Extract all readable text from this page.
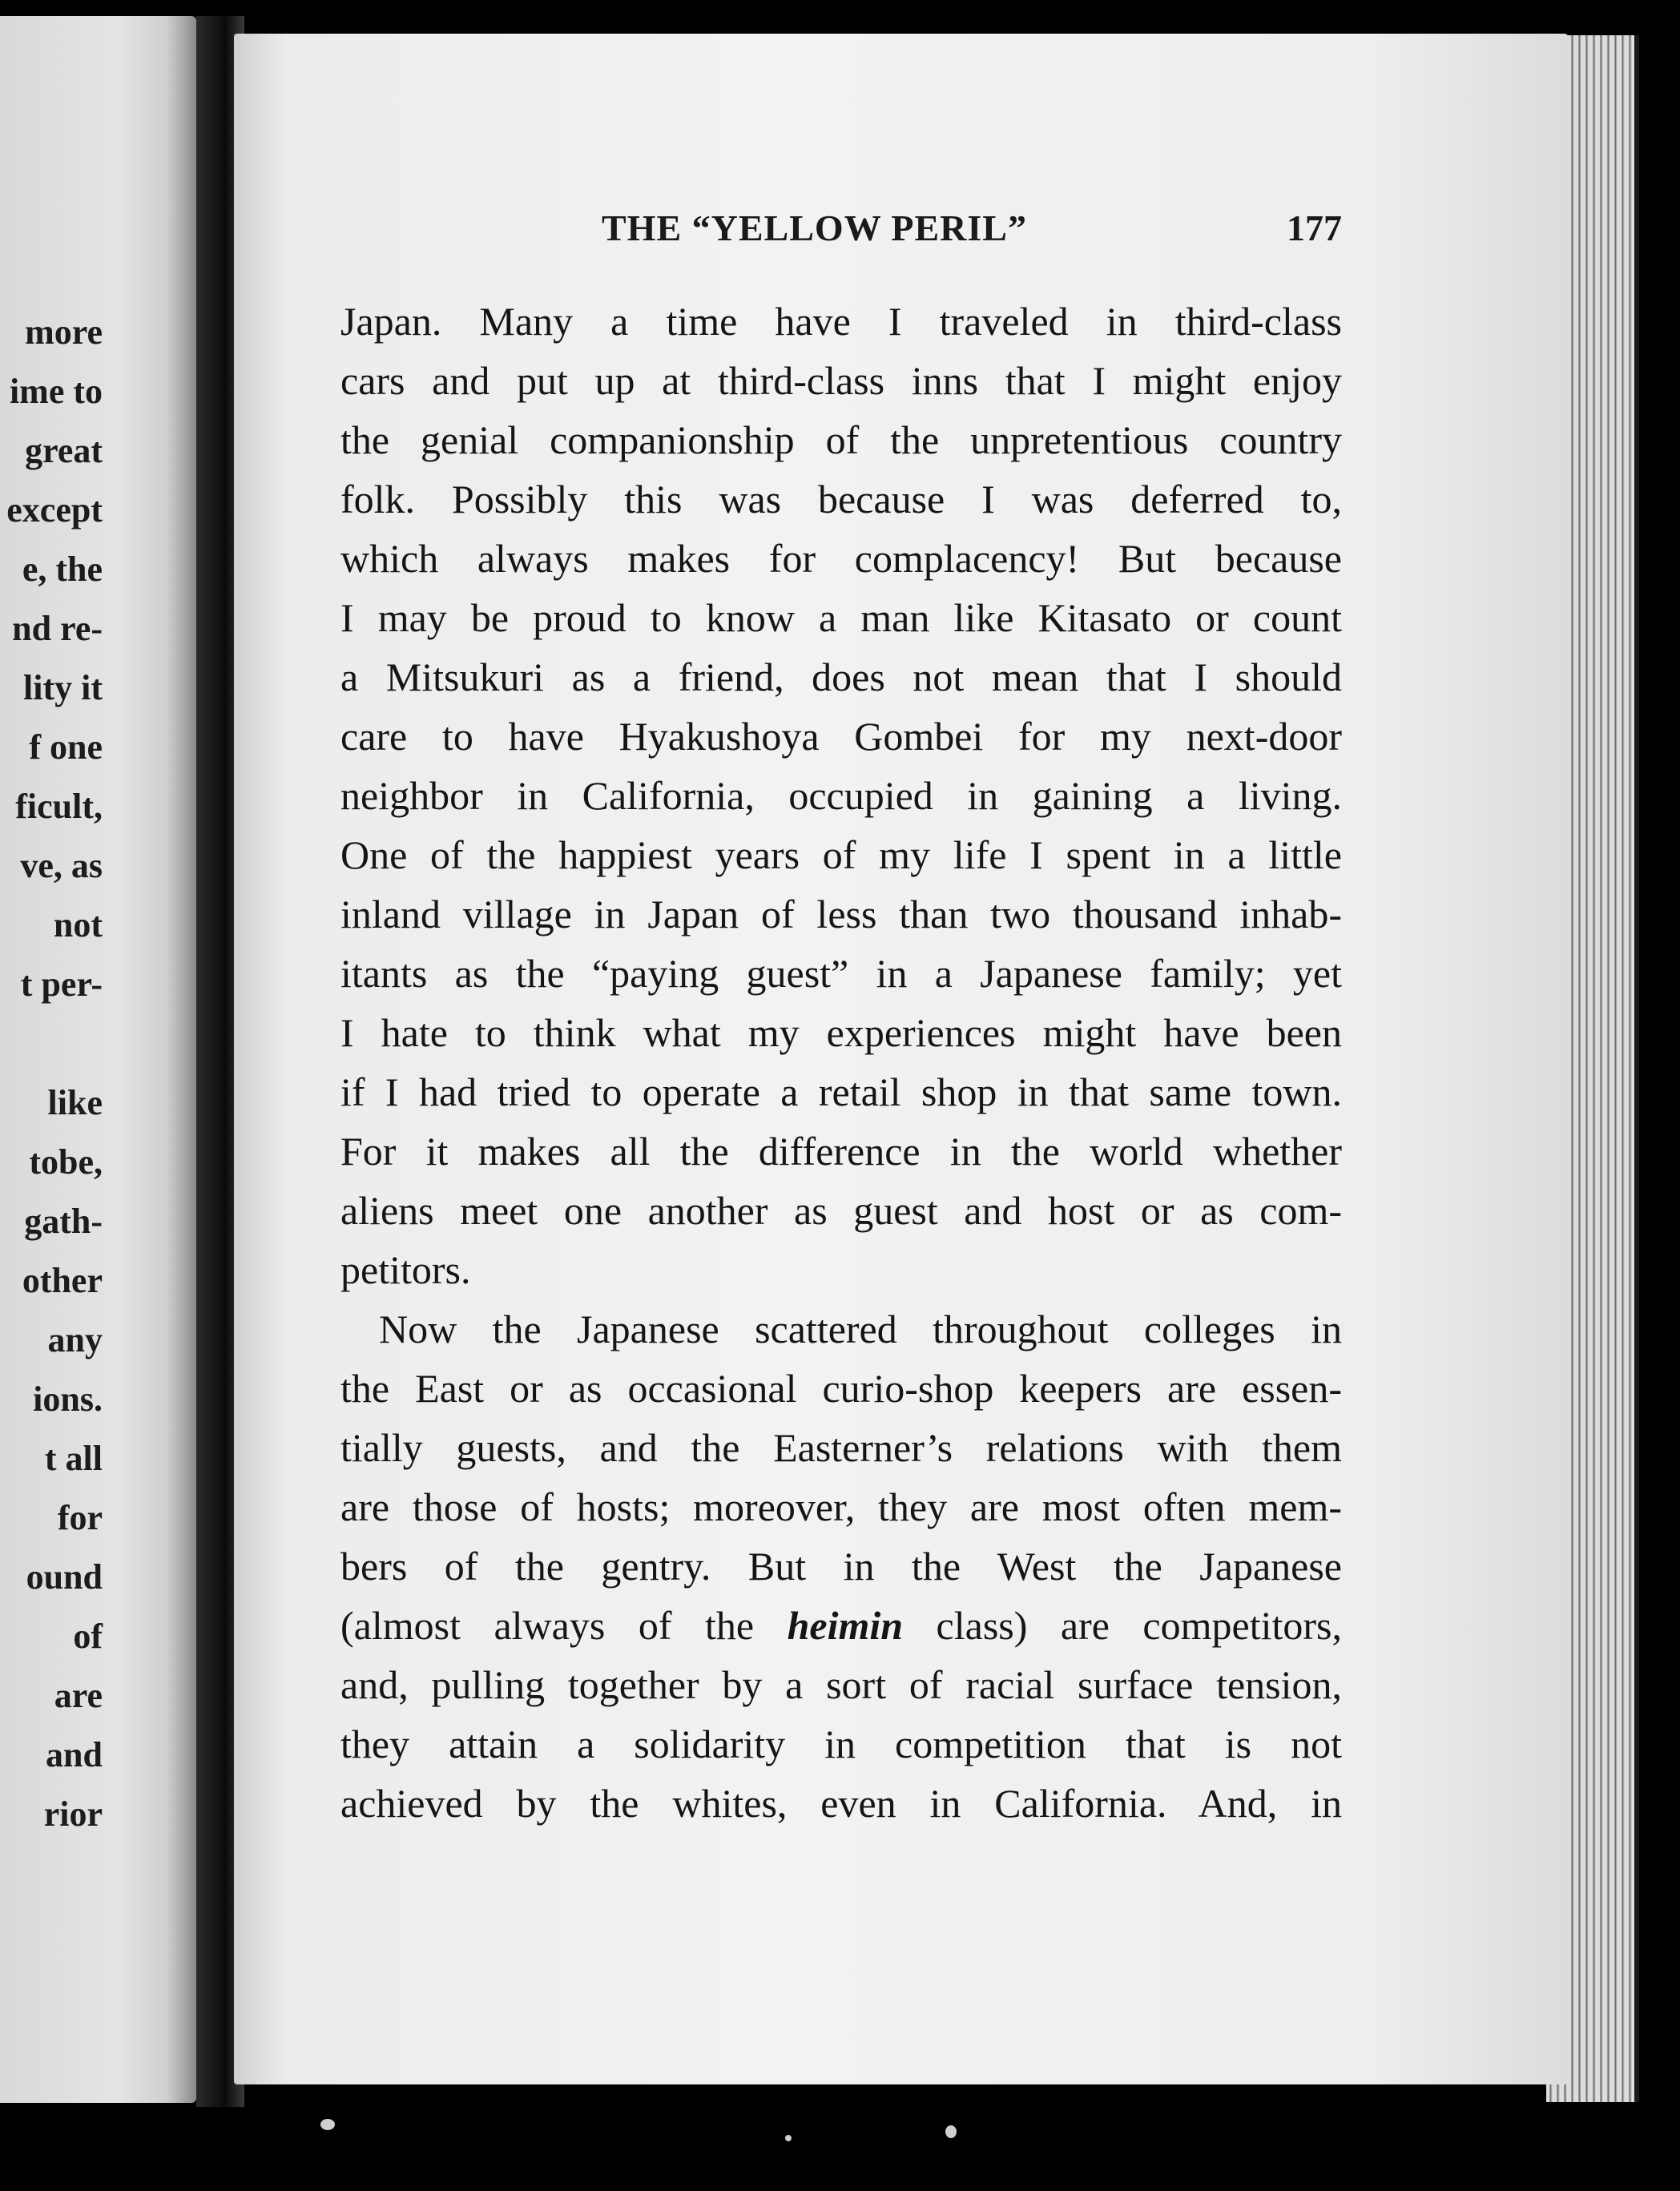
more
ime to
great
except
e, the
nd re-
lity it
f one
ficult,
ve, as
not
t per-
like
tobe,
gath-
other
any
ions.
t all
for
ound
of
are
and
rior
THE “YELLOW PERIL”	177
Japan. Many a time have I traveled in third-class
cars and put up at third-class inns that I might enjoy
the genial companionship of the unpretentious country
folk. Possibly this was because I was deferred to,
which always makes for complacency! But because
I may be proud to know a man like Kitasato or count
a Mitsukuri as a friend, does not mean that I should
care to have Hyakushoya Gombei for my next-door
neighbor in California, occupied in gaining a living.
One of the happiest years of my life I spent in a little
inland village in Japan of less than two thousand inhab-
itants as the “paying guest” in a Japanese family; yet
I hate to think what my experiences might have been
if I had tried to operate a retail shop in that same town.
For it makes all the difference in the world whether
aliens meet one another as guest and host or as com-
petitors.
Now the Japanese scattered throughout colleges in
the East or as occasional curio-shop keepers are essen-
tially guests, and the Easterner’s relations with them
are those of hosts; moreover, they are most often mem-
bers of the gentry. But in the West the Japanese
(almost always of the heimin class) are competitors,
and, pulling together by a sort of racial surface tension,
they attain a solidarity in competition that is not
achieved by the whites, even in California. And, in
